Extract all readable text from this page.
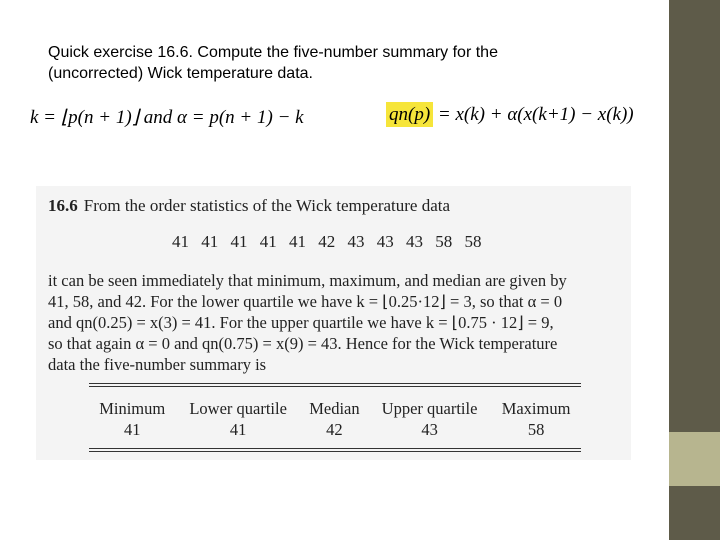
Quick exercise 16.6. Compute the five-number summary for the
(uncorrected) Wick temperature data.
k = ⌊p(n + 1)⌋ and α = p(n + 1) − k	qn(p) = x(k) + α(x(k+1) − x(k))
16.6 From the order statistics of the Wick temperature data
41 41 41 41 41 42 43 43 43 58 58
it can be seen immediately that minimum, maximum, and median are given by
41, 58, and 42. For the lower quartile we have k = ⌊0.25·12⌋ = 3, so that α = 0
and qn(0.25) = x(3) = 41. For the upper quartile we have k = ⌊0.75 · 12⌋ = 9,
so that again α = 0 and qn(0.75) = x(9) = 43. Hence for the Wick temperature
data the five-number summary is
Minimum	Lower quartile	Median	Upper quartile	Maximum
41	41	42	43	58
